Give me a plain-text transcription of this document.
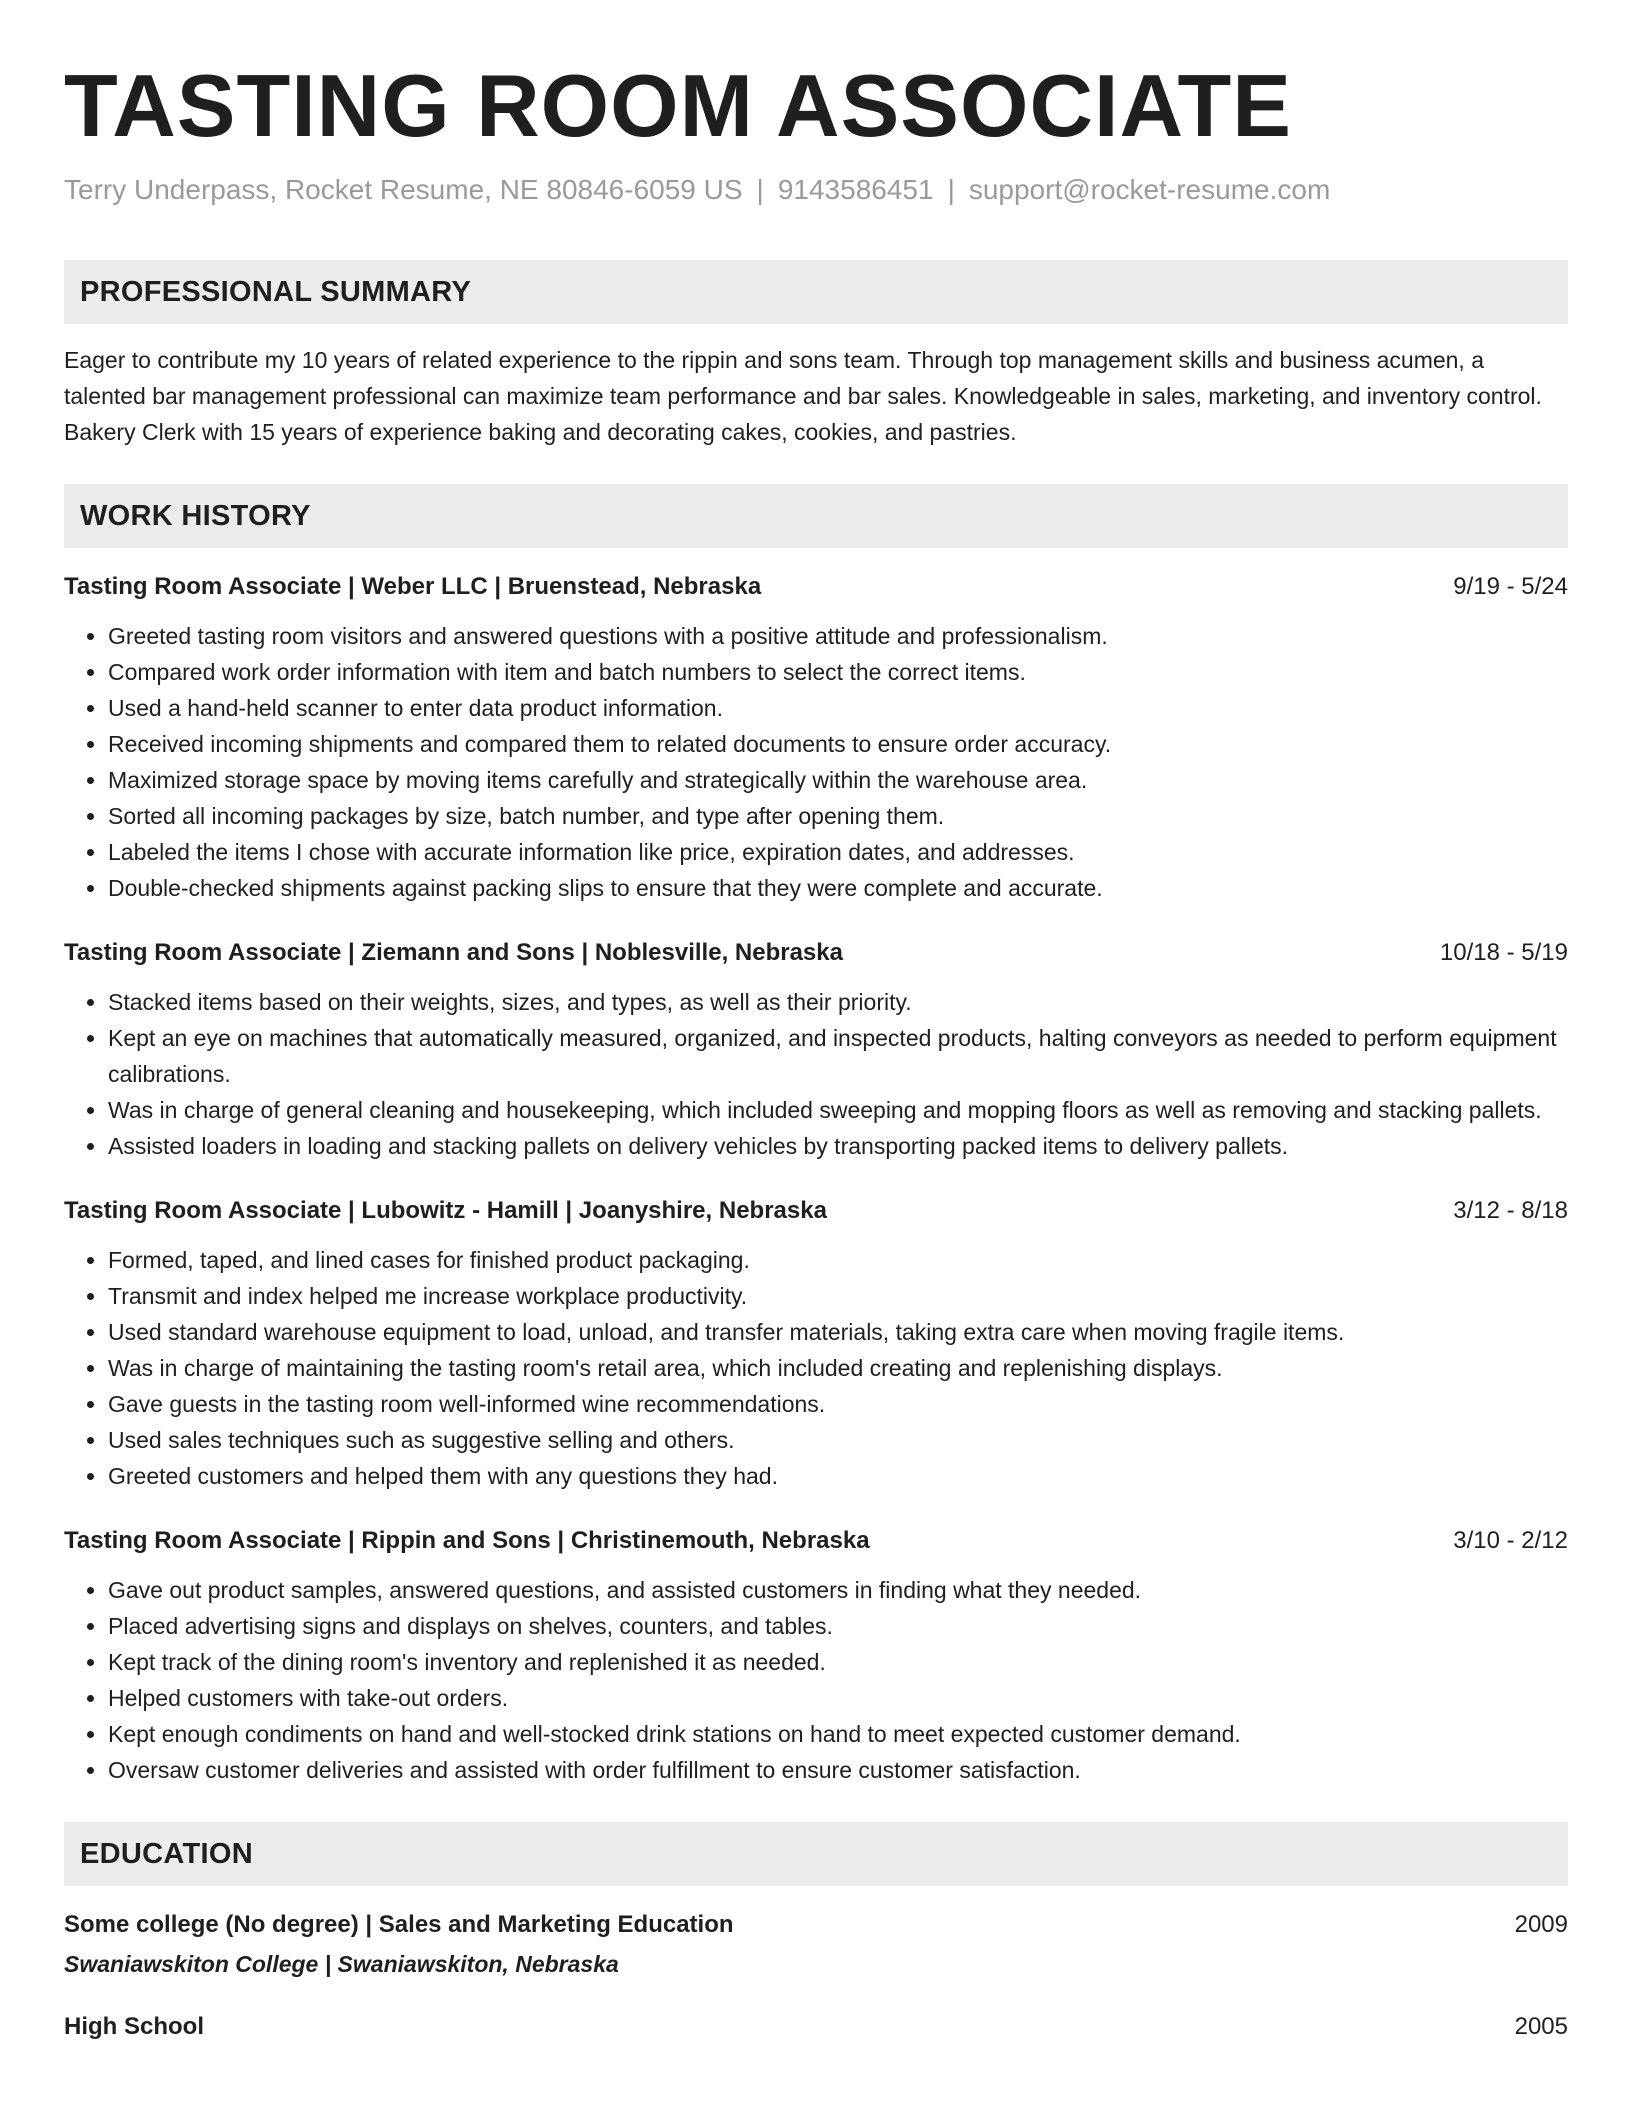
TASTING ROOM ASSOCIATE
Terry Underpass, Rocket Resume, NE 80846-6059 US | 9143586451 | support@rocket-resume.com
PROFESSIONAL SUMMARY

Eager to contribute my 10 years of related experience to the rippin and sons team. Through top management skills and business acumen, a talented bar management professional can maximize team performance and bar sales. Knowledgeable in sales, marketing, and inventory control. Bakery Clerk with 15 years of experience baking and decorating cakes, cookies, and pastries.

WORK HISTORY
Tasting Room Associate | Weber LLC | Bruenstead, Nebraska	9/19 - 5/24
• Greeted tasting room visitors and answered questions with a positive attitude and professionalism.
• Compared work order information with item and batch numbers to select the correct items.
• Used a hand-held scanner to enter data product information.
• Received incoming shipments and compared them to related documents to ensure order accuracy.
• Maximized storage space by moving items carefully and strategically within the warehouse area.
• Sorted all incoming packages by size, batch number, and type after opening them.
• Labeled the items I chose with accurate information like price, expiration dates, and addresses.
• Double-checked shipments against packing slips to ensure that they were complete and accurate.
Tasting Room Associate | Ziemann and Sons | Noblesville, Nebraska	10/18 - 5/19
• Stacked items based on their weights, sizes, and types, as well as their priority.
• Kept an eye on machines that automatically measured, organized, and inspected products, halting conveyors as needed to perform equipment calibrations.
• Was in charge of general cleaning and housekeeping, which included sweeping and mopping floors as well as removing and stacking pallets.
• Assisted loaders in loading and stacking pallets on delivery vehicles by transporting packed items to delivery pallets.
Tasting Room Associate | Lubowitz - Hamill | Joanyshire, Nebraska	3/12 - 8/18
• Formed, taped, and lined cases for finished product packaging.
• Transmit and index helped me increase workplace productivity.
• Used standard warehouse equipment to load, unload, and transfer materials, taking extra care when moving fragile items.
• Was in charge of maintaining the tasting room's retail area, which included creating and replenishing displays.
• Gave guests in the tasting room well-informed wine recommendations.
• Used sales techniques such as suggestive selling and others.
• Greeted customers and helped them with any questions they had.
Tasting Room Associate | Rippin and Sons | Christinemouth, Nebraska	3/10 - 2/12
• Gave out product samples, answered questions, and assisted customers in finding what they needed.
• Placed advertising signs and displays on shelves, counters, and tables.
• Kept track of the dining room's inventory and replenished it as needed.
• Helped customers with take-out orders.
• Kept enough condiments on hand and well-stocked drink stations on hand to meet expected customer demand.
• Oversaw customer deliveries and assisted with order fulfillment to ensure customer satisfaction.
EDUCATION
Some college (No degree) | Sales and Marketing Education	2009
Swaniawskiton College | Swaniawskiton, Nebraska
High School	2005
